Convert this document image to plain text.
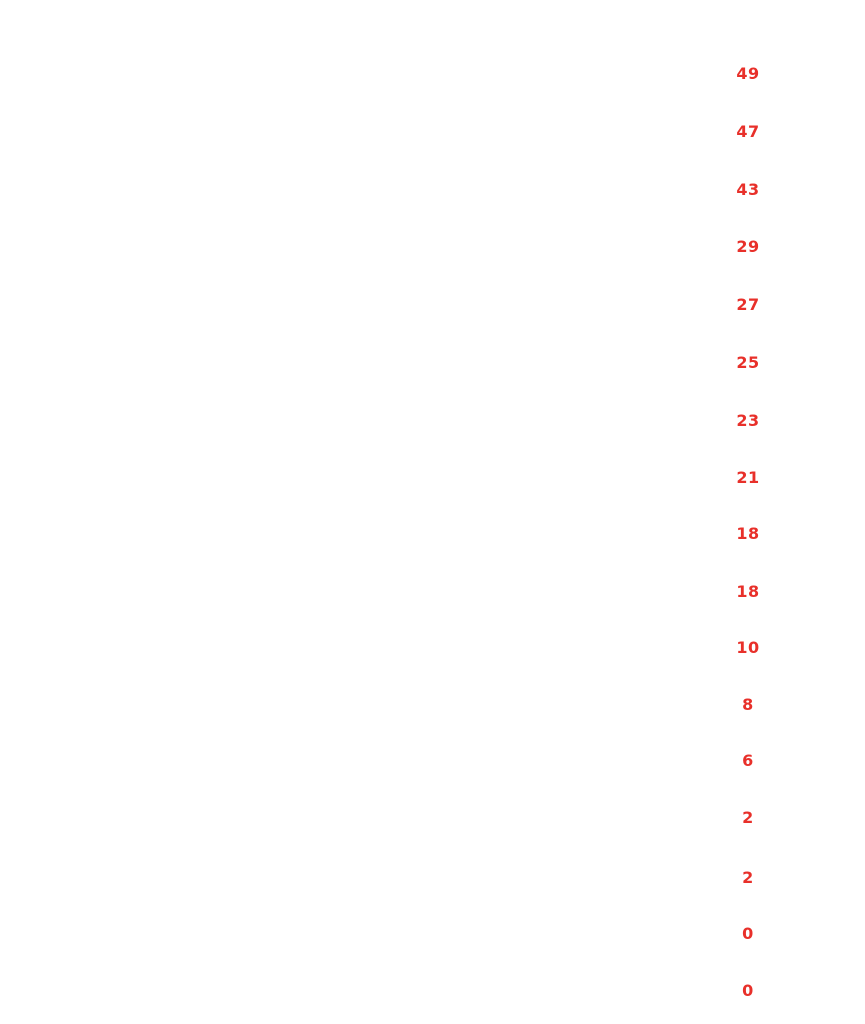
49
47
43
29
27
25
23
21
18
18
10
8
6
2
2
0
0
